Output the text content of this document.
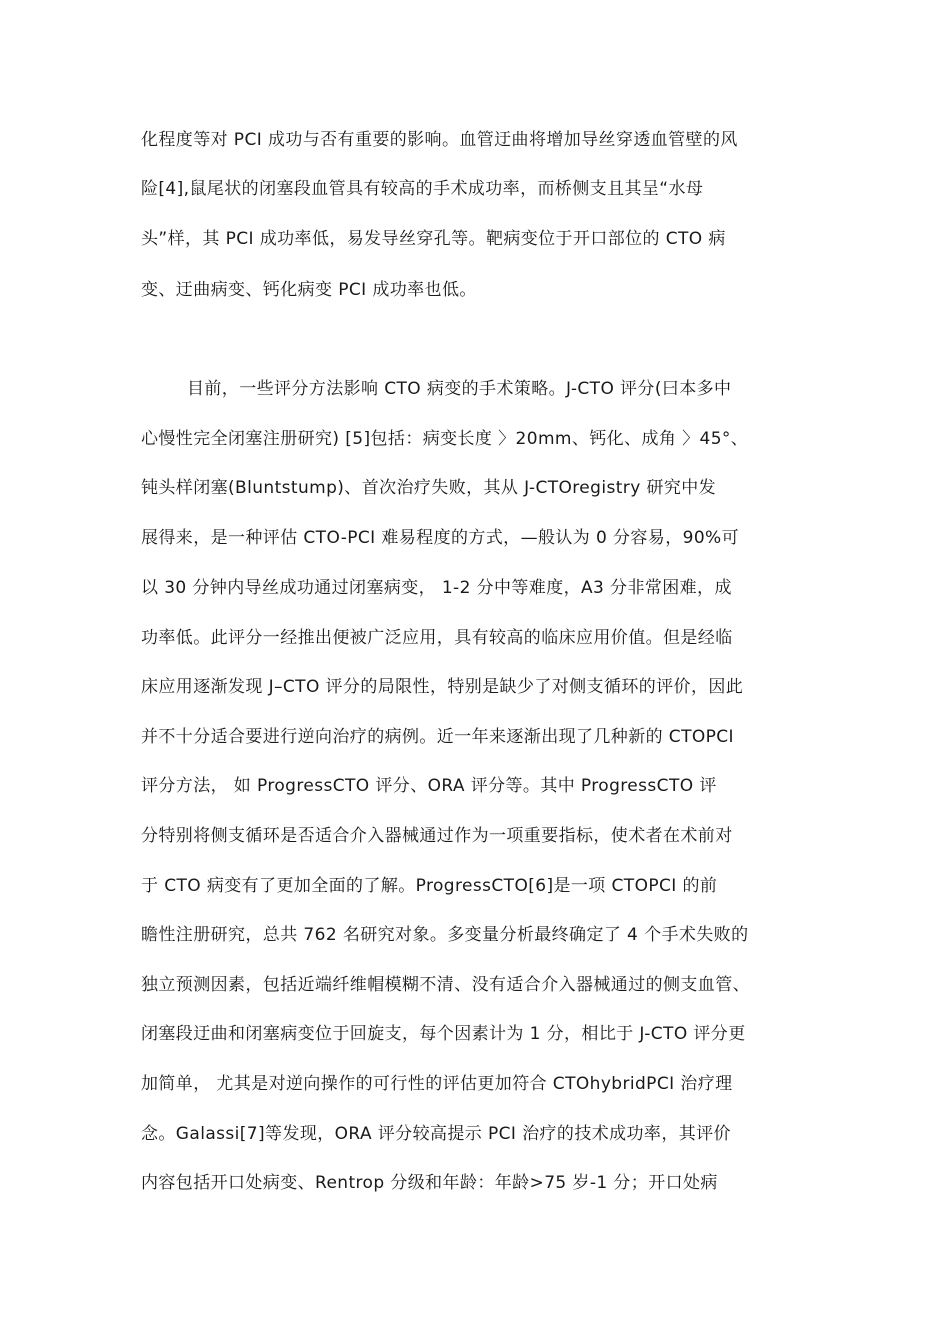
化程度等对 PCI 成功与否有重要的影响。血管迂曲将增加导丝穿透血管壁的风
险[4],鼠尾状的闭塞段血管具有较高的手术成功率，而桥侧支且其呈“水母
头”样，其 PCI 成功率低，易发导丝穿孔等。靶病变位于开口部位的 CTO 病
变、迂曲病变、钙化病变 PCI 成功率也低。
目前，一些评分方法影响 CTO 病变的手术策略。J-CTO 评分(曰本多中
心慢性完全闭塞注册研究) [5]包括：病变长度 〉20mm、钙化、成角 〉45°、
钝头样闭塞(Bluntstump)、首次治疗失败，其从 J-CTOregistry 研究中发
展得来，是一种评估 CTO-PCI 难易程度的方式，—般认为 0 分容易，90%可
以 30 分钟内导丝成功通过闭塞病变， 1-2 分中等难度，A3 分非常困难，成
功率低。此评分一经推出便被广泛应用，具有较高的临床应用价值。但是经临
床应用逐渐发现 J–CTO 评分的局限性，特别是缺少了对侧支循环的评价，因此
并不十分适合要进行逆向治疗的病例。近一年来逐渐出现了几种新的 CTOPCI
评分方法， 如 ProgressCTO 评分、ORA 评分等。其中 ProgressCTO 评
分特别将侧支循环是否适合介入器械通过作为一项重要指标，使术者在术前对
于 CTO 病变有了更加全面的了解。ProgressCTO[6]是一项 CTOPCI 的前
瞻性注册研究，总共 762 名研究对象。多变量分析最终确定了 4 个手术失败的
独立预测因素，包括近端纤维帽模糊不清、没有适合介入器械通过的侧支血管、
闭塞段迂曲和闭塞病变位于回旋支，每个因素计为 1 分，相比于 J-CTO 评分更
加简单， 尤其是对逆向操作的可行性的评估更加符合 CTOhybridPCI 治疗理
念。Galassi[7]等发现，ORA 评分较高提示 PCI 治疗的技术成功率，其评价
内容包括开口处病变、Rentrop 分级和年龄：年龄>75 岁-1 分；开口处病
